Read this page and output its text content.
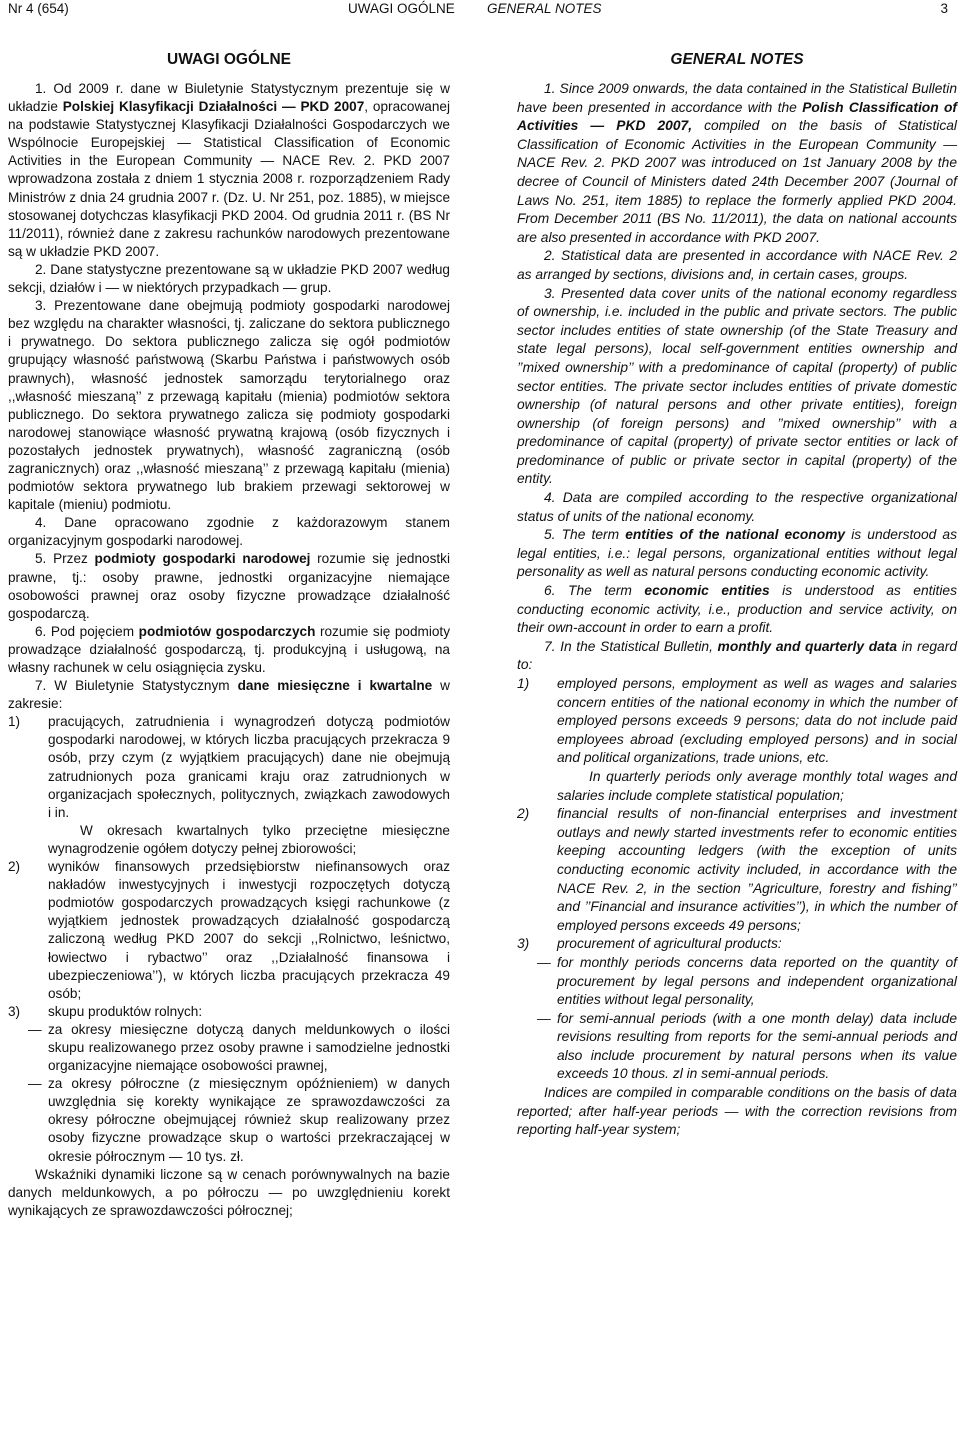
Nr 4 (654)	UWAGI OGÓLNE GENERAL NOTES	3
UWAGI OGÓLNE

1. Od 2009 r. dane w Biuletynie Statystycznym prezentuje się w układzie Polskiej Klasyfikacji Działalności — PKD 2007, opracowanej na podstawie Statystycznej Klasyfikacji Działalności Gospodarczych we Wspólnocie Europejskiej — Statistical Classification of Economic Activities in the European Community — NACE Rev. 2. PKD 2007 wprowadzona została z dniem 1 stycznia 2008 r. rozporządzeniem Rady Ministrów z dnia 24 grudnia 2007 r. (Dz. U. Nr 251, poz. 1885), w miejsce stosowanej dotychczas klasyfikacji PKD 2004. Od grudnia 2011 r. (BS Nr 11/2011), również dane z zakresu rachunków narodowych prezentowane są w układzie PKD 2007.

2. Dane statystyczne prezentowane są w układzie PKD 2007 według sekcji, działów i — w niektórych przypadkach — grup.

3. Prezentowane dane obejmują podmioty gospodarki narodowej bez względu na charakter własności, tj. zaliczane do sektora publicznego i prywatnego. Do sektora publicznego zalicza się ogół podmiotów grupujący własność państwową (Skarbu Państwa i państwowych osób prawnych), własność jednostek samorządu terytorialnego oraz ,,własność mieszaną’’ z przewagą kapitału (mienia) podmiotów sektora publicznego. Do sektora prywatnego zalicza się podmioty gospodarki narodowej stanowiące własność prywatną krajową (osób fizycznych i pozostałych jednostek prywatnych), własność zagraniczną (osób zagranicznych) oraz ,,własność mieszaną’’ z przewagą kapitału (mienia) podmiotów sektora prywatnego lub brakiem przewagi sektorowej w kapitale (mieniu) podmiotu.

4. Dane opracowano zgodnie z każdorazowym stanem organizacyjnym gospodarki narodowej.

5. Przez podmioty gospodarki narodowej rozumie się jednostki prawne, tj.: osoby prawne, jednostki organizacyjne niemające osobowości prawnej oraz osoby fizyczne prowadzące działalność gospodarczą.

6. Pod pojęciem podmiotów gospodarczych rozumie się podmioty prowadzące działalność gospodarczą, tj. produkcyjną i usługową, na własny rachunek w celu osiągnięcia zysku.

7. W Biuletynie Statystycznym dane miesięczne i kwartalne w zakresie:

1) pracujących, zatrudnienia i wynagrodzeń dotyczą podmiotów gospodarki narodowej, w których liczba pracujących przekracza 9 osób, przy czym (z wyjątkiem pracujących) dane nie obejmują zatrudnionych poza granicami kraju oraz zatrudnionych w organizacjach społecznych, politycznych, związkach zawodowych i in.

W okresach kwartalnych tylko przeciętne miesięczne wynagrodzenie ogółem dotyczy pełnej zbiorowości;

2) wyników finansowych przedsiębiorstw niefinansowych oraz nakładów inwestycyjnych i inwestycji rozpoczętych dotyczą podmiotów gospodarczych prowadzących księgi rachunkowe (z wyjątkiem jednostek prowadzących działalność gospodarczą zaliczoną według PKD 2007 do sekcji ,,Rolnictwo, leśnictwo, łowiectwo i rybactwo’’ oraz ,,Działalność finansowa i ubezpieczeniowa’’), w których liczba pracujących przekracza 49 osób;

3) skupu produktów rolnych:

— za okresy miesięczne dotyczą danych meldunkowych o ilości skupu realizowanego przez osoby prawne i samodzielne jednostki organizacyjne niemające osobowości prawnej,

— za okresy półroczne (z miesięcznym opóźnieniem) w danych uwzględnia się korekty wynikające ze sprawozdawczości za okresy półroczne obejmującej również skup realizowany przez osoby fizyczne prowadzące skup o wartości przekraczającej w okresie półrocznym — 10 tys. zł.

Wskaźniki dynamiki liczone są w cenach porównywalnych na bazie danych meldunkowych, a po półroczu — po uwzględnieniu korekt wynikających ze sprawozdawczości półrocznej;

GENERAL NOTES

1. Since 2009 onwards, the data contained in the Statistical Bulletin have been presented in accordance with the Polish Classification of Activities — PKD 2007, compiled on the basis of Statistical Classification of Economic Activities in the European Community — NACE Rev. 2. PKD 2007 was introduced on 1st January 2008 by the decree of Council of Ministers dated 24th December 2007 (Journal of Laws No. 251, item 1885) to replace the formerly applied PKD 2004. From December 2011 (BS No. 11/2011), the data on national accounts are also presented in accordance with PKD 2007.

2. Statistical data are presented in accordance with NACE Rev. 2 as arranged by sections, divisions and, in certain cases, groups.

3. Presented data cover units of the national economy regardless of ownership, i.e. included in the public and private sectors. The public sector includes entities of state ownership (of the State Treasury and state legal persons), local self-government entities ownership and ’’mixed ownership’’ with a predominance of capital (property) of public sector entities. The private sector includes entities of private domestic ownership (of natural persons and other private entities), foreign ownership (of foreign persons) and ’’mixed ownership’’ with a predominance of capital (property) of private sector entities or lack of predominance of public or private sector in capital (property) of the entity.

4. Data are compiled according to the respective organizational status of units of the national economy.

5. The term entities of the national economy is understood as legal entities, i.e.: legal persons, organizational entities without legal personality as well as natural persons conducting economic activity.

6. The term economic entities is understood as entities conducting economic activity, i.e., production and service activity, on their own-account in order to earn a profit.

7. In the Statistical Bulletin, monthly and quarterly data in regard to:

1) employed persons, employment as well as wages and salaries concern entities of the national economy in which the number of employed persons exceeds 9 persons; data do not include paid employees abroad (excluding employed persons) and in social and political organizations, trade unions, etc.

In quarterly periods only average monthly total wages and salaries include complete statistical population;

2) financial results of non-financial enterprises and investment outlays and newly started investments refer to economic entities keeping accounting ledgers (with the exception of units conducting economic activity included, in accordance with the NACE Rev. 2, in the section ’’Agriculture, forestry and fishing’’ and ’’Financial and insurance activities’’), in which the number of employed persons exceeds 49 persons;

3) procurement of agricultural products:

— for monthly periods concerns data reported on the quantity of procurement by legal persons and independent organizational entities without legal personality,

— for semi-annual periods (with a one month delay) data include revisions resulting from reports for the semi-annual periods and also include procurement by natural persons when its value exceeds 10 thous. zl in semi-annual periods.

Indices are compiled in comparable conditions on the basis of data reported; after half-year periods — with the correction revisions from reporting half-year system;
